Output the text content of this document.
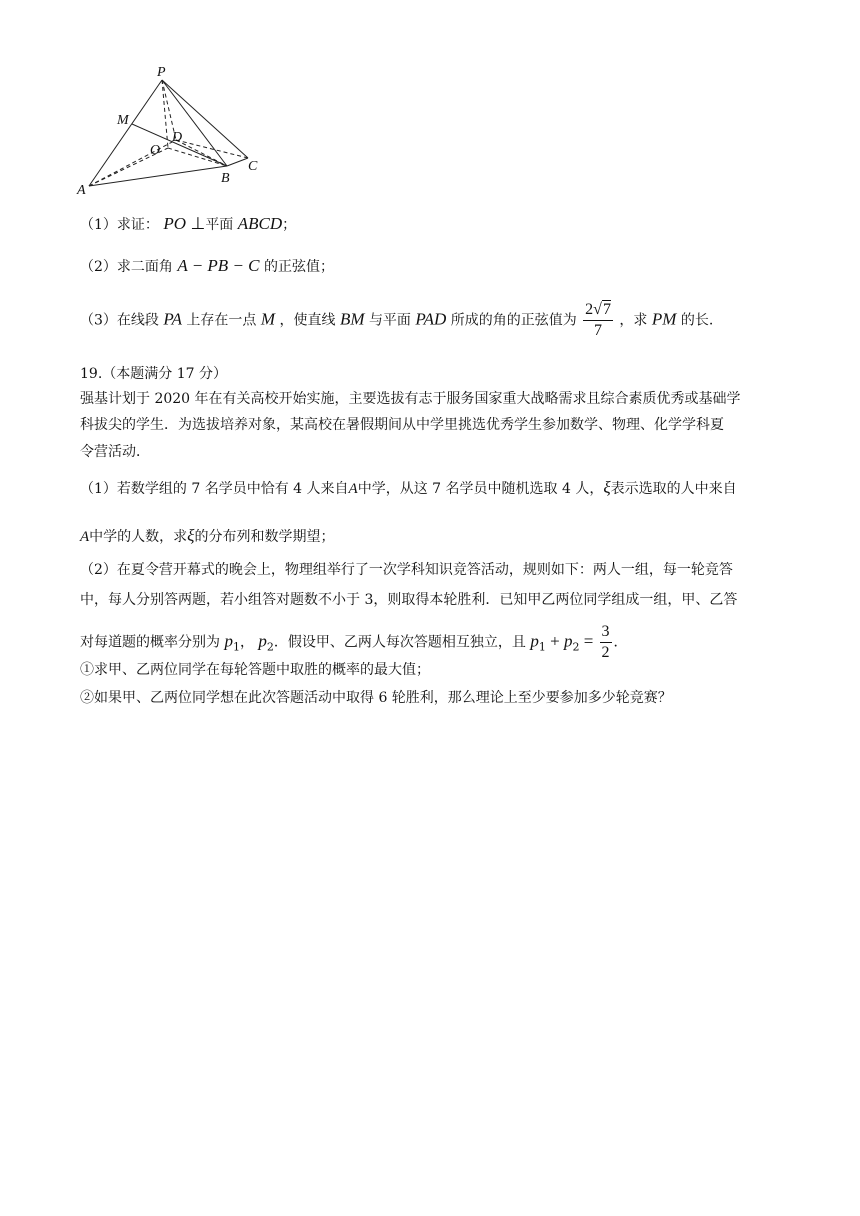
P
M
D
O
C
B
A
（1）求证： PO ⊥平面 ABCD；
（2）求二面角 A − PB − C 的正弦值；
（3）在线段 PA 上存在一点 M ，使直线 BM 与平面 PAD 所成的角的正弦值为 $\frac{2√7}{7}$ ，求 PM 的长.
19.（本题满分 17 分）
强基计划于 2020 年在有关高校开始实施，主要选拔有志于服务国家重大战略需求且综合素质优秀或基础学
科拔尖的学生．为选拔培养对象，某高校在暑假期间从中学里挑选优秀学生参加数学、物理、化学学科夏
令营活动．
（1）若数学组的 7 名学员中恰有 4 人来自A中学，从这 7 名学员中随机选取 4 人，ξ表示选取的人中来自
A中学的人数，求ξ的分布列和数学期望；
（2）在夏令营开幕式的晚会上，物理组举行了一次学科知识竞答活动，规则如下：两人一组，每一轮竞答
中，每人分别答两题，若小组答对题数不小于 3，则取得本轮胜利．已知甲乙两位同学组成一组，甲、乙答
对每道题的概率分别为 $p_1$， $p_2$．假设甲、乙两人每次答题相互独立，且 $p_1 + p_2 = \frac{3}{2}$ ．
①求甲、乙两位同学在每轮答题中取胜的概率的最大值；
②如果甲、乙两位同学想在此次答题活动中取得 6 轮胜利，那么理论上至少要参加多少轮竞赛？
